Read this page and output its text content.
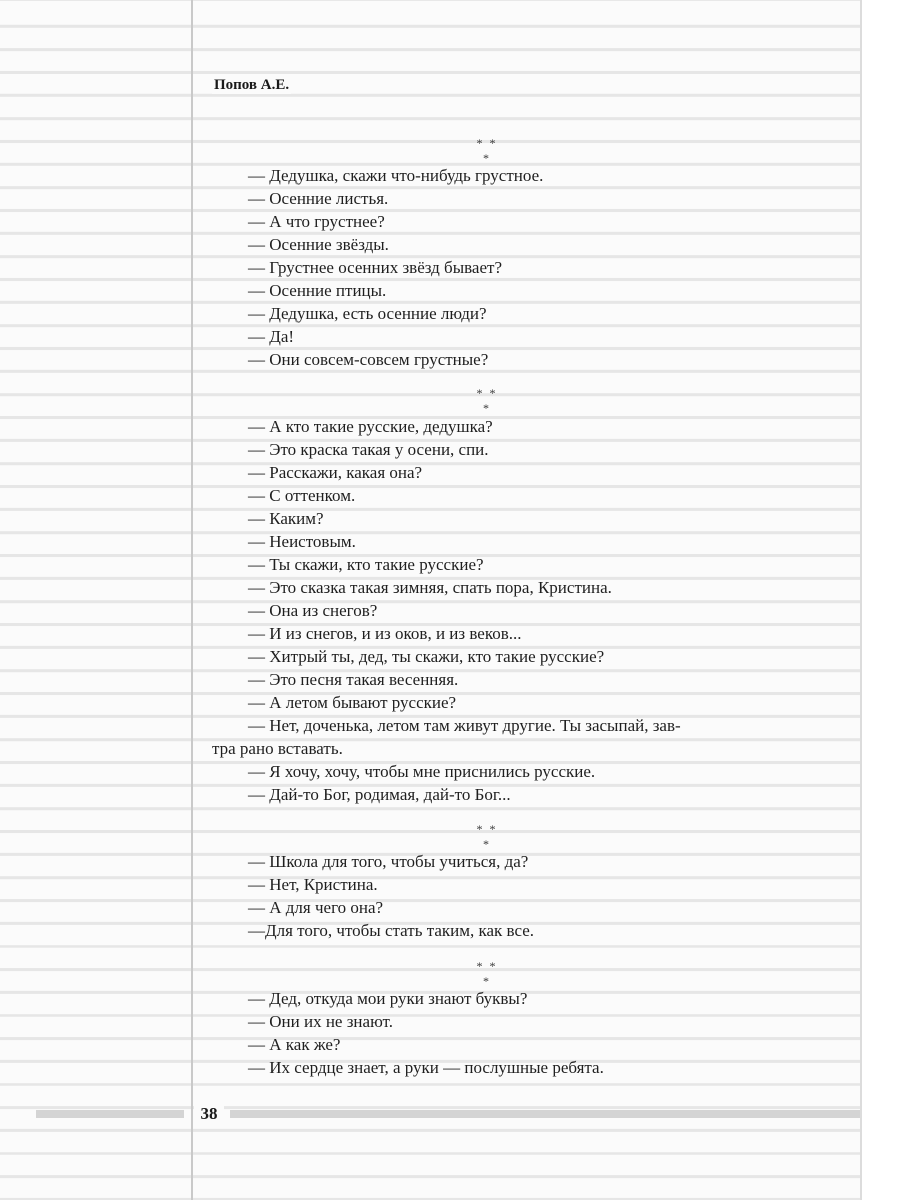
Попов А.Е.
* * *
— Дедушка, скажи что-нибудь грустное.
— Осенние листья.
— А что грустнее?
— Осенние звёзды.
— Грустнее осенних звёзд бывает?
— Осенние птицы.
— Дедушка, есть осенние люди?
— Да!
— Они совсем-совсем грустные?
* * *
— А кто такие русские, дедушка?
— Это краска такая у осени, спи.
— Расскажи, какая она?
— С оттенком.
— Каким?
— Неистовым.
— Ты скажи, кто такие русские?
— Это сказка такая зимняя, спать пора, Кристина.
— Она из снегов?
— И из снегов, и из оков, и из веков...
— Хитрый ты, дед, ты скажи, кто такие русские?
— Это песня такая весенняя.
— А летом бывают русские?
— Нет, доченька, летом там живут другие. Ты засыпай, зав-
тра рано вставать.
— Я хочу, хочу, чтобы мне приснились русские.
— Дай-то Бог, родимая, дай-то Бог...
* * *
— Школа для того, чтобы учиться, да?
— Нет, Кристина.
— А для чего она?
—Для того, чтобы стать таким, как все.
* * *
— Дед, откуда мои руки знают буквы?
— Они их не знают.
— А как же?
— Их сердце знает, а руки — послушные ребята.
38
